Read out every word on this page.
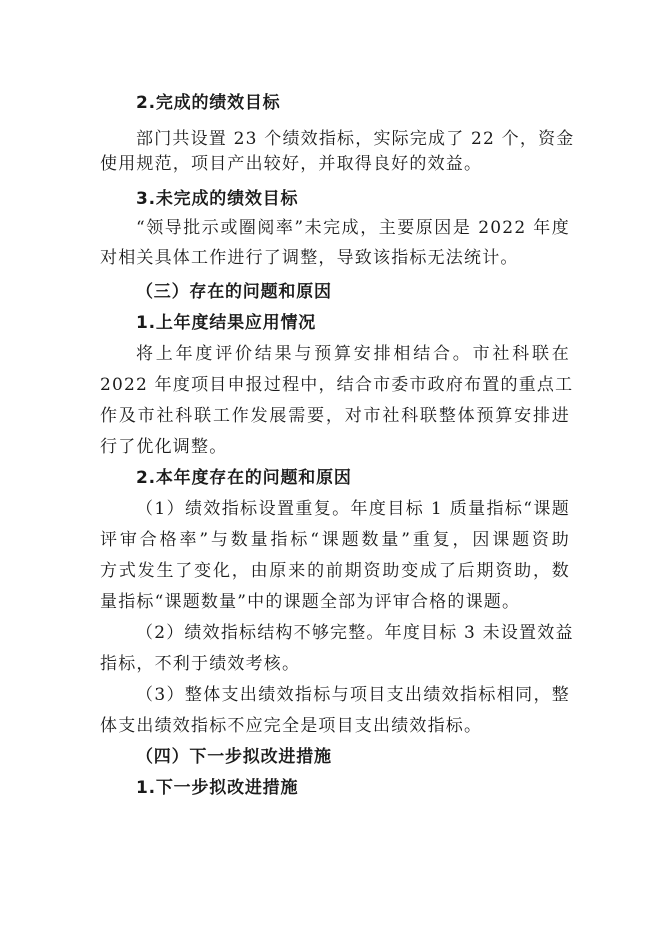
2.完成的绩效目标
部门共设置 23 个绩效指标，实际完成了 22 个，资金
使用规范，项目产出较好，并取得良好的效益。
3.未完成的绩效目标
“领导批示或圈阅率”未完成，主要原因是 2022 年度
对相关具体工作进行了调整，导致该指标无法统计。
（三）存在的问题和原因
1.上年度结果应用情况
将上年度评价结果与预算安排相结合。市社科联在
2022 年度项目申报过程中，结合市委市政府布置的重点工
作及市社科联工作发展需要，对市社科联整体预算安排进
行了优化调整。
2.本年度存在的问题和原因
（1）绩效指标设置重复。年度目标 1 质量指标“课题
评审合格率”与数量指标“课题数量”重复，因课题资助
方式发生了变化，由原来的前期资助变成了后期资助，数
量指标“课题数量”中的课题全部为评审合格的课题。
（2）绩效指标结构不够完整。年度目标 3 未设置效益
指标，不利于绩效考核。
（3）整体支出绩效指标与项目支出绩效指标相同，整
体支出绩效指标不应完全是项目支出绩效指标。
（四）下一步拟改进措施
1.下一步拟改进措施
